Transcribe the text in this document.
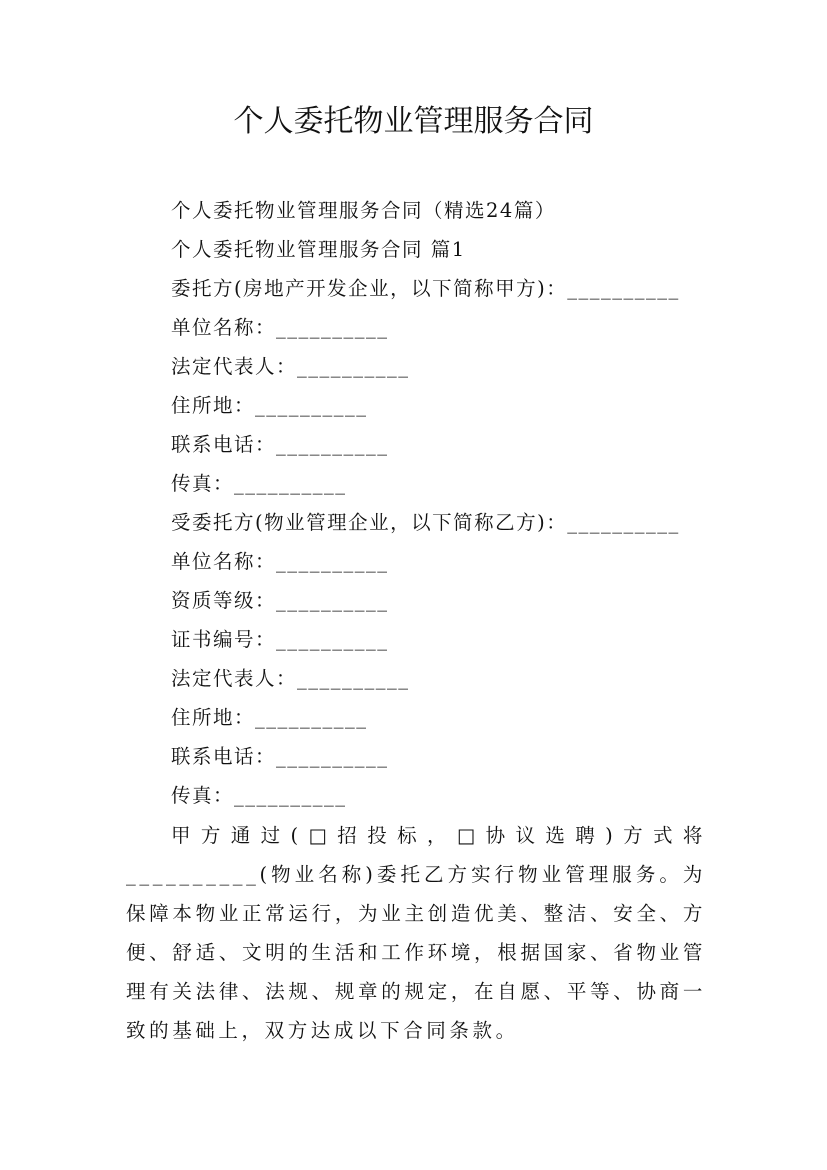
个人委托物业管理服务合同
个人委托物业管理服务合同（精选24篇）
个人委托物业管理服务合同 篇1
委托方(房地产开发企业，以下简称甲方)：__________
单位名称：__________
法定代表人：__________
住所地：__________
联系电话：__________
传真：__________
受委托方(物业管理企业，以下简称乙方)：__________
单位名称：__________
资质等级：__________
证书编号：__________
法定代表人：__________
住所地：__________
联系电话：__________
传真：__________
甲方通过(□招投标，□协议选聘)方式将__________(物业名称)委托乙方实行物业管理服务。为保障本物业正常运行，为业主创造优美、整洁、安全、方便、舒适、文明的生活和工作环境，根据国家、省物业管理有关法律、法规、规章的规定，在自愿、平等、协商一致的基础上，双方达成以下合同条款。
